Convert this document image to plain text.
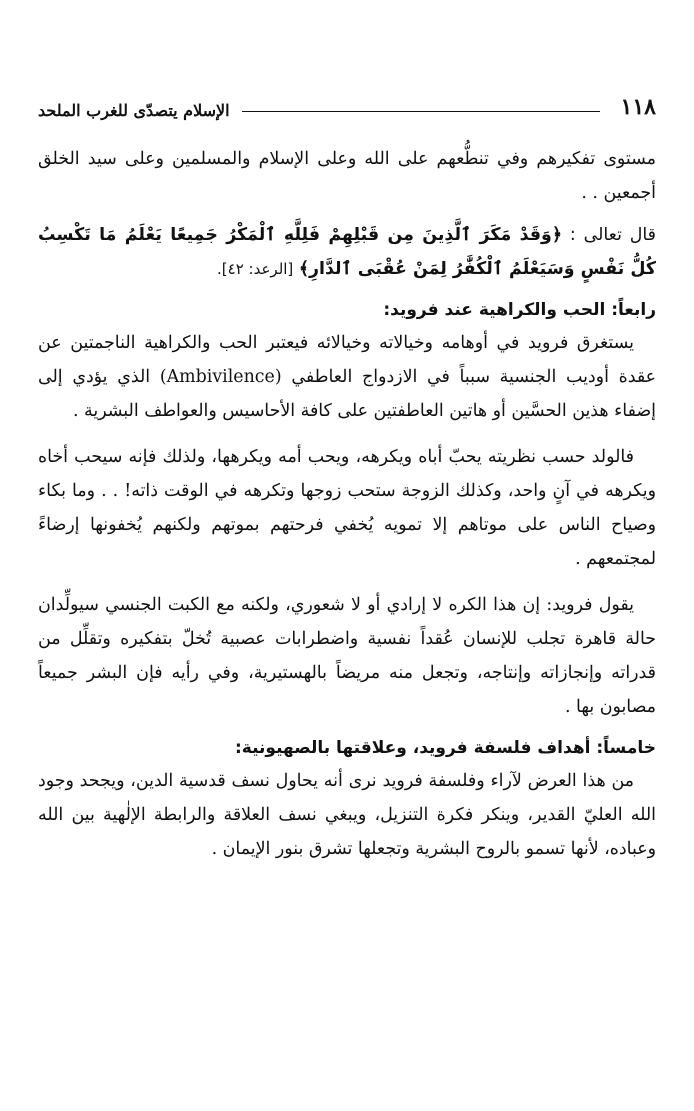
١١٨
الإسلام يتصدّى للغرب الملحد

مستوى تفكيرهم وفي تنطُّعهم على الله وعلى الإسلام والمسلمين وعلى سيد الخلق أجمعين . .

قال تعالى : ﴿وَقَدْ مَكَرَ ٱلَّذِينَ مِن قَبْلِهِمْ فَلِلَّهِ ٱلْمَكْرُ جَمِيعًا يَعْلَمُ مَا تَكْسِبُ كُلُّ نَفْسٍ وَسَيَعْلَمُ ٱلْكُفَّٰرُ لِمَنْ عُقْبَى ٱلدَّارِ﴾ [الرعد: ٤٢].

رابعاً: الحب والكراهية عند فرويد:

يستغرق فرويد في أوهامه وخيالاته وخيالائه فيعتبر الحب والكراهية الناجمتين عن عقدة أوديب الجنسية سبباً في الازدواج العاطفي (Ambivilence) الذي يؤدي إلى إضفاء هذين الحسَّين أو هاتين العاطفتين على كافة الأحاسيس والعواطف البشرية .

فالولد حسب نظريته يحبّ أباه ويكرهه، ويحب أمه ويكرهها، ولذلك فإنه سيحب أخاه ويكرهه في آنٍ واحد، وكذلك الزوجة ستحب زوجها وتكرهه في الوقت ذاته! . . وما بكاء وصياح الناس على موتاهم إلا تمويه يُخفي فرحتهم بموتهم ولكنهم يُخفونها إرضاءً لمجتمعهم .

يقول فرويد: إن هذا الكره لا إرادي أو لا شعوري، ولكنه مع الكبت الجنسي سيولِّدان حالة قاهرة تجلب للإنسان عُقداً نفسية واضطرابات عصبية تُخلّ بتفكيره وتقلِّل من قدراته وإنجازاته وإنتاجه، وتجعل منه مريضاً بالهستيرية، وفي رأيه فإن البشر جميعاً مصابون بها .

خامساً: أهداف فلسفة فرويد، وعلاقتها بالصهيونية:

من هذا العرض لآراء وفلسفة فرويد نرى أنه يحاول نسف قدسية الدين، ويجحد وجود الله العليّ القدير، وينكر فكرة التنزيل، ويبغي نسف العلاقة والرابطة الإلٰهية بين الله وعباده، لأنها تسمو بالروح البشرية وتجعلها تشرق بنور الإيمان .
